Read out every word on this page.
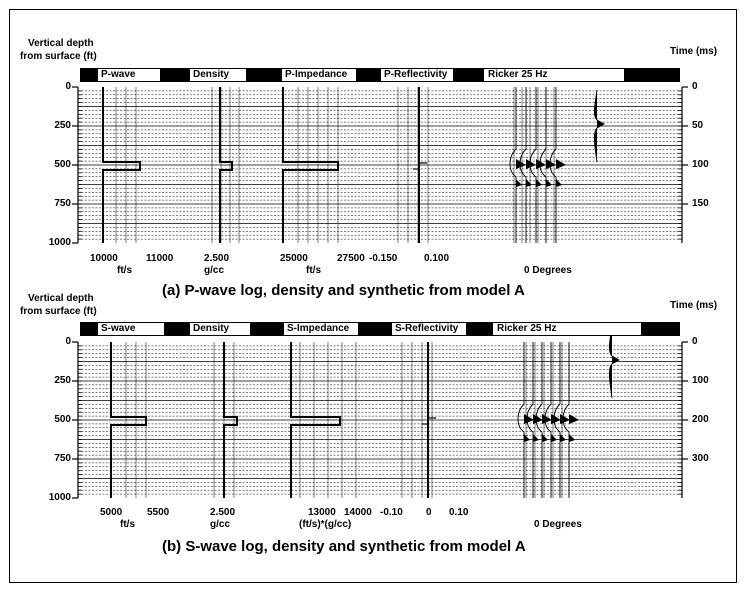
Vertical depth
from surface (ft)	Time (ms)
P-wave	Density	P-Impedance	P-Reflectivity	Ricker 25 Hz
0
250
500
750
1000
0
50
100
150
10000	11000
ft/s
2.500
g/cc
25000	27500
ft/s
-0.150	0.100
0 Degrees
(a) P-wave log, density and synthetic from model A
Vertical depth
from surface (ft)
Time (ms)
S-wave	Density	S-Impedance	S-Reflectivity	Ricker 25 Hz
0
250
500
750
1000
0
100
200
300
5000 5500
ft/s
2.500
g/cc
13000 14000
(ft/s)*(g/cc)
-0.10 0 0.10
0 Degrees
(b) S-wave log, density and synthetic from model A
